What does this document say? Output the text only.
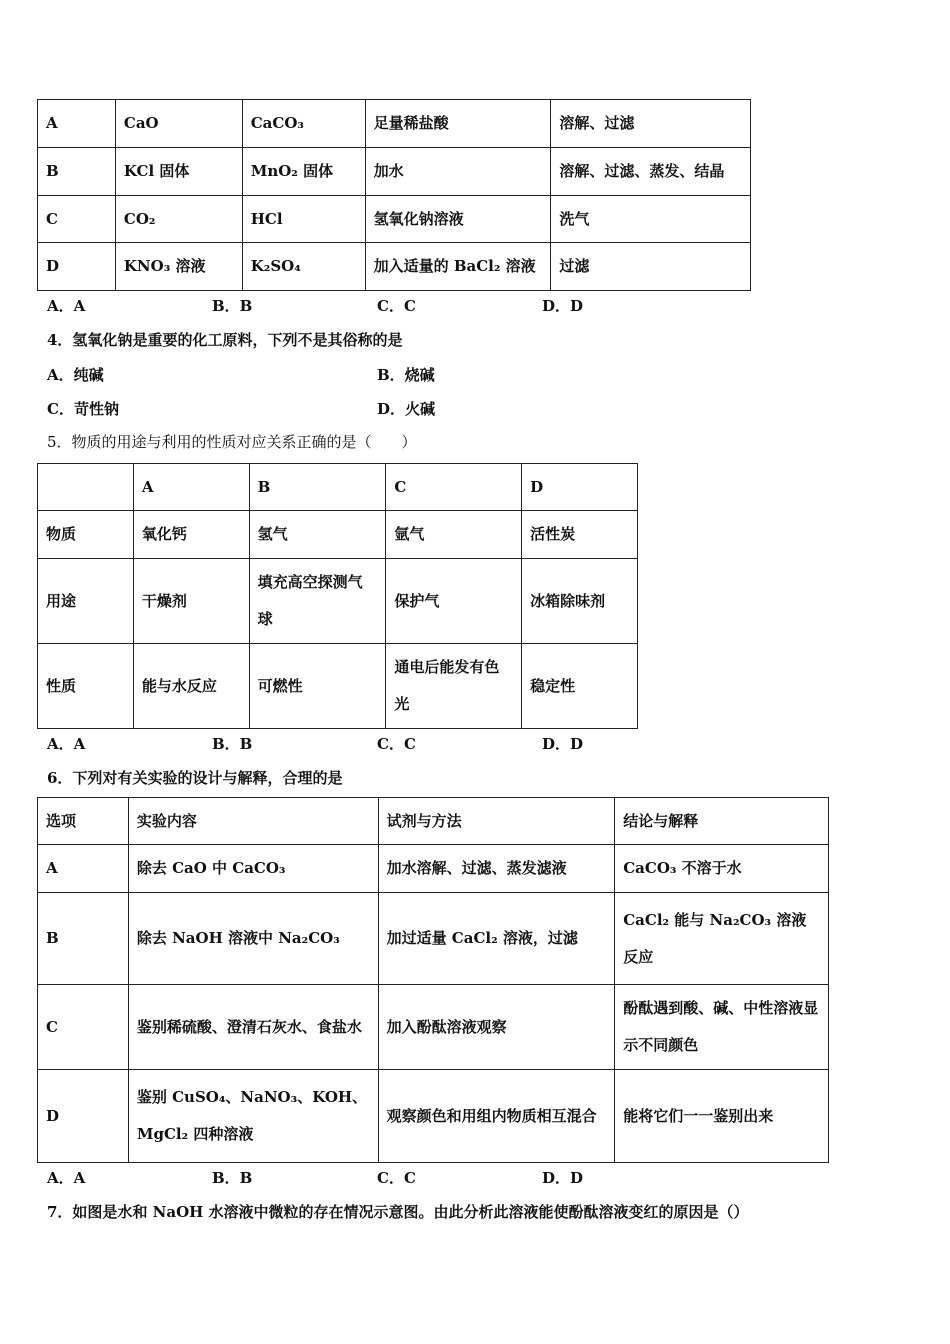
A	CaO	CaCO₃	足量稀盐酸	溶解、过滤
B	KCl 固体	MnO₂ 固体	加水	溶解、过滤、蒸发、结晶
C	CO₂	HCl	氢氧化钠溶液	洗气
D	KNO₃ 溶液	K₂SO₄	加入适量的 BaCl₂ 溶液	过滤
A．A	B．B	C．C	D．D
4．氢氧化钠是重要的化工原料，下列不是其俗称的是
A．纯碱	B．烧碱
C．苛性钠	D．火碱
5．物质的用途与利用的性质对应关系正确的是（　　）
	A	B	C	D
物质	氧化钙	氢气	氩气	活性炭
用途	干燥剂	填充高空探测气球	保护气	冰箱除味剂
性质	能与水反应	可燃性	通电后能发有色光	稳定性
A．A	B．B	C．C	D．D
6．下列对有关实验的设计与解释，合理的是
选项	实验内容	试剂与方法	结论与解释
A	除去 CaO 中 CaCO₃	加水溶解、过滤、蒸发滤液	CaCO₃ 不溶于水
B	除去 NaOH 溶液中 Na₂CO₃	加过适量 CaCl₂ 溶液，过滤	CaCl₂ 能与 Na₂CO₃ 溶液反应
C	鉴别稀硫酸、澄清石灰水、食盐水	加入酚酞溶液观察	酚酞遇到酸、碱、中性溶液显示不同颜色
D	鉴别 CuSO₄、NaNO₃、KOH、MgCl₂ 四种溶液	观察颜色和用组内物质相互混合	能将它们一一鉴别出来
A．A	B．B	C．C	D．D
7．如图是水和 NaOH 水溶液中微粒的存在情况示意图。由此分析此溶液能使酚酞溶液变红的原因是（）
